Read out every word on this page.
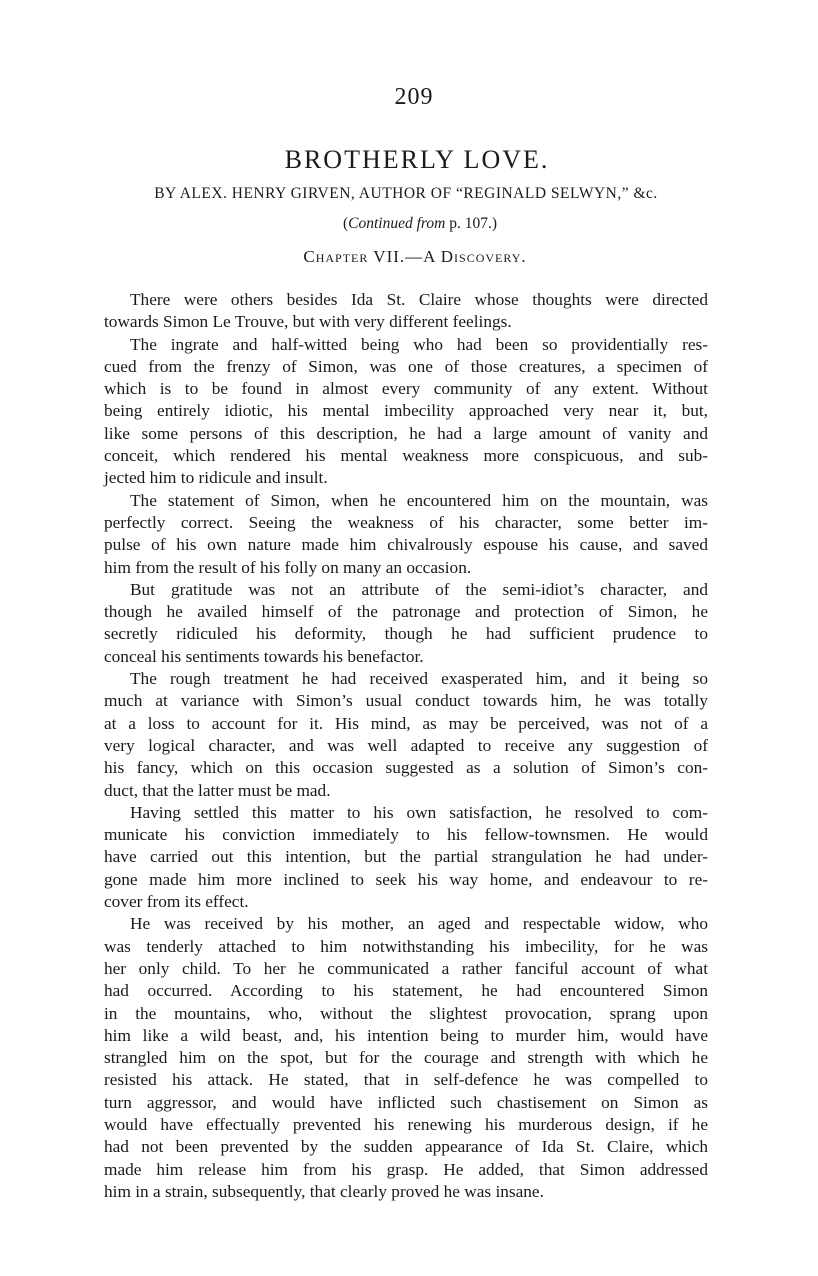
209
BROTHERLY LOVE.
BY ALEX. HENRY GIRVEN, AUTHOR OF “REGINALD SELWYN,” &c.
(Continued from p. 107.)
Chapter VII.—A Discovery.

There were others besides Ida St. Claire whose thoughts were directed
towards Simon Le Trouve, but with very different feelings.

The ingrate and half-witted being who had been so providentially res-
cued from the frenzy of Simon, was one of those creatures, a specimen of
which is to be found in almost every community of any extent. Without
being entirely idiotic, his mental imbecility approached very near it, but,
like some persons of this description, he had a large amount of vanity and
conceit, which rendered his mental weakness more conspicuous, and sub-
jected him to ridicule and insult.

The statement of Simon, when he encountered him on the mountain, was
perfectly correct. Seeing the weakness of his character, some better im-
pulse of his own nature made him chivalrously espouse his cause, and saved
him from the result of his folly on many an occasion.

But gratitude was not an attribute of the semi-idiot’s character, and
though he availed himself of the patronage and protection of Simon, he
secretly ridiculed his deformity, though he had sufficient prudence to
conceal his sentiments towards his benefactor.

The rough treatment he had received exasperated him, and it being so
much at variance with Simon’s usual conduct towards him, he was totally
at a loss to account for it. His mind, as may be perceived, was not of a
very logical character, and was well adapted to receive any suggestion of
his fancy, which on this occasion suggested as a solution of Simon’s con-
duct, that the latter must be mad.

Having settled this matter to his own satisfaction, he resolved to com-
municate his conviction immediately to his fellow-townsmen. He would
have carried out this intention, but the partial strangulation he had under-
gone made him more inclined to seek his way home, and endeavour to re-
cover from its effect.

He was received by his mother, an aged and respectable widow, who
was tenderly attached to him notwithstanding his imbecility, for he was
her only child. To her he communicated a rather fanciful account of what
had occurred. According to his statement, he had encountered Simon
in the mountains, who, without the slightest provocation, sprang upon
him like a wild beast, and, his intention being to murder him, would have
strangled him on the spot, but for the courage and strength with which he
resisted his attack. He stated, that in self-defence he was compelled to
turn aggressor, and would have inflicted such chastisement on Simon as
would have effectually prevented his renewing his murderous design, if he
had not been prevented by the sudden appearance of Ida St. Claire, which
made him release him from his grasp. He added, that Simon addressed
him in a strain, subsequently, that clearly proved he was insane.
